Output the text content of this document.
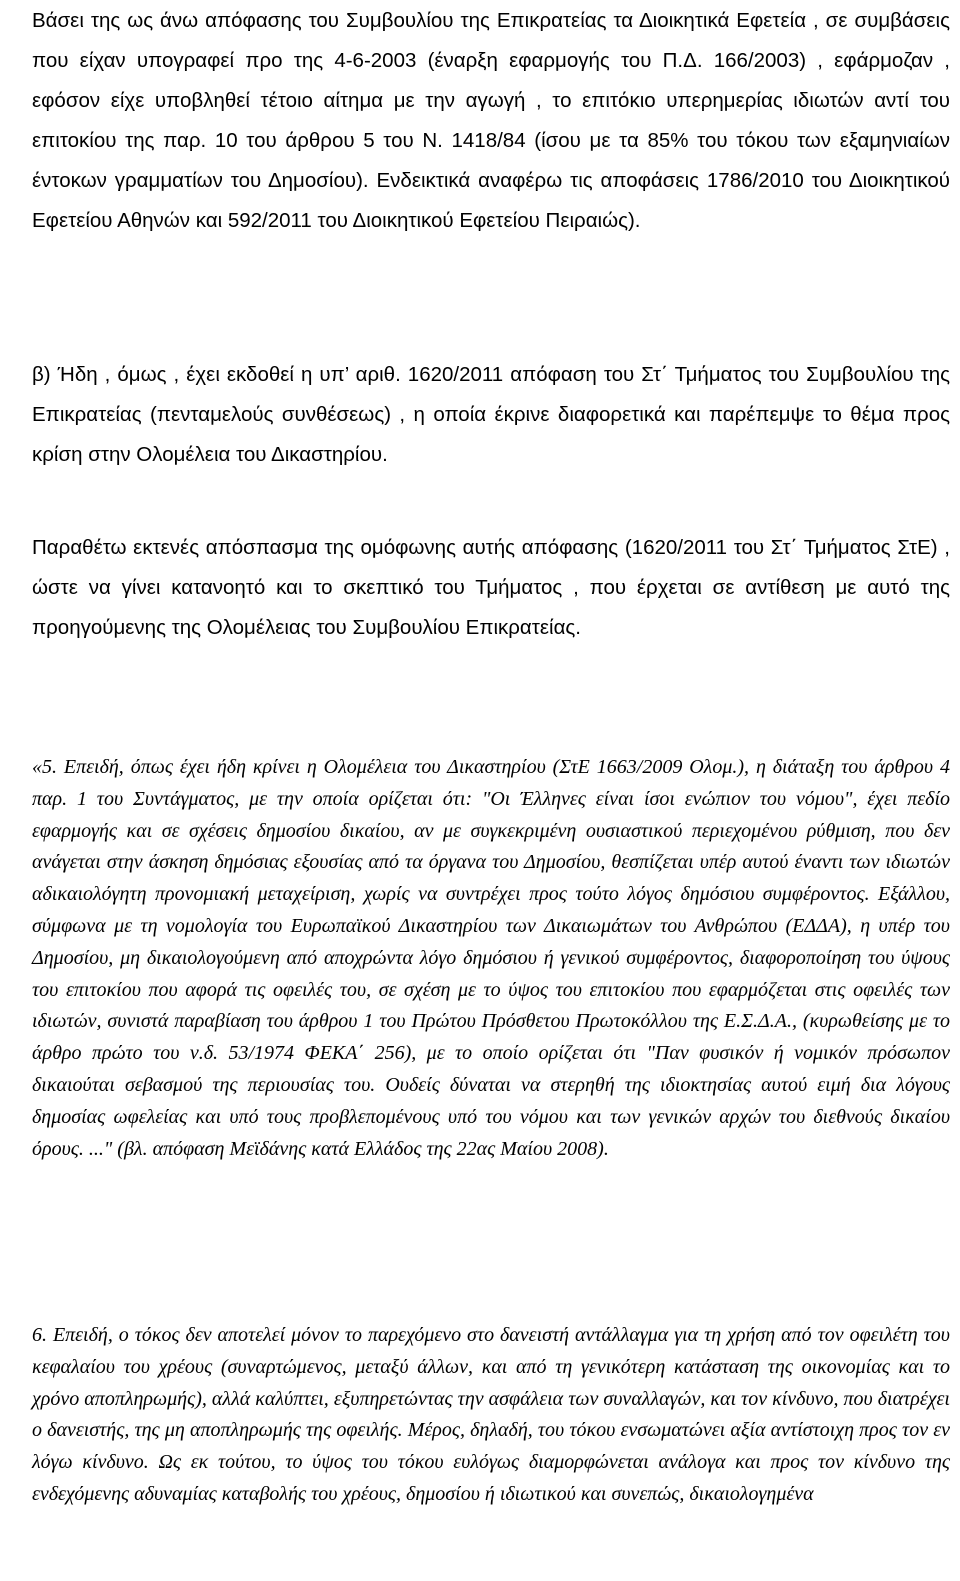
Βάσει της ως άνω απόφασης του Συμβουλίου της Επικρατείας τα Διοικητικά Εφετεία , σε συμβάσεις που είχαν υπογραφεί προ της 4-6-2003 (έναρξη εφαρμογής του Π.Δ. 166/2003) , εφάρμοζαν , εφόσον είχε υποβληθεί τέτοιο αίτημα με την αγωγή , το επιτόκιο υπερημερίας ιδιωτών αντί του επιτοκίου της παρ. 10 του άρθρου 5 του Ν. 1418/84 (ίσου με τα 85% του τόκου των εξαμηνιαίων έντοκων γραμματίων του Δημοσίου). Ενδεικτικά αναφέρω τις αποφάσεις 1786/2010 του Διοικητικού Εφετείου Αθηνών και 592/2011 του Διοικητικού Εφετείου Πειραιώς).

β) Ήδη , όμως , έχει εκδοθεί η υπ’ αριθ. 1620/2011 απόφαση του Στ΄ Τμήματος του Συμβουλίου της Επικρατείας (πενταμελούς συνθέσεως) , η οποία έκρινε διαφορετικά και παρέπεμψε το θέμα προς κρίση στην Ολομέλεια του Δικαστηρίου.

Παραθέτω εκτενές απόσπασμα της ομόφωνης αυτής απόφασης (1620/2011 του Στ΄ Τμήματος ΣτΕ) , ώστε να γίνει κατανοητό και το σκεπτικό του Τμήματος , που έρχεται σε αντίθεση με αυτό της προηγούμενης της Ολομέλειας του Συμβουλίου Επικρατείας.

«5. Επειδή, όπως έχει ήδη κρίνει η Ολομέλεια του Δικαστηρίου (ΣτΕ 1663/2009 Ολομ.), η διάταξη του άρθρου 4 παρ. 1 του Συντάγματος, με την οποία ορίζεται ότι: "Οι Έλληνες είναι ίσοι ενώπιον του νόμου", έχει πεδίο εφαρμογής και σε σχέσεις δημοσίου δικαίου, αν με συγκεκριμένη ουσιαστικού περιεχομένου ρύθμιση, που δεν ανάγεται στην άσκηση δημόσιας εξουσίας από τα όργανα του Δημοσίου, θεσπίζεται υπέρ αυτού έναντι των ιδιωτών αδικαιολόγητη προνομιακή μεταχείριση, χωρίς να συντρέχει προς τούτο λόγος δημόσιου συμφέροντος. Εξάλλου, σύμφωνα με τη νομολογία του Ευρωπαϊκού Δικαστηρίου των Δικαιωμάτων του Ανθρώπου (ΕΔΔΑ), η υπέρ του Δημοσίου, μη δικαιολογούμενη από αποχρώντα λόγο δημόσιου ή γενικού συμφέροντος, διαφοροποίηση του ύψους του επιτοκίου που αφορά τις οφειλές του, σε σχέση με το ύψος του επιτοκίου που εφαρμόζεται στις οφειλές των ιδιωτών, συνιστά παραβίαση του άρθρου 1 του Πρώτου Πρόσθετου Πρωτοκόλλου της Ε.Σ.Δ.Α., (κυρωθείσης με το άρθρο πρώτο του ν.δ. 53/1974 ΦΕΚΑ΄ 256), με το οποίο ορίζεται ότι "Παν φυσικόν ή νομικόν πρόσωπον δικαιούται σεβασμού της περιουσίας του. Ουδείς δύναται να στερηθή της ιδιοκτησίας αυτού ειμή δια λόγους δημοσίας ωφελείας και υπό τους προβλεπομένους υπό του νόμου και των γενικών αρχών του διεθνούς δικαίου όρους. ..." (βλ. απόφαση Μεϊδάνης κατά Ελλάδος της 22ας Μαίου 2008).

6. Επειδή, ο τόκος δεν αποτελεί μόνον το παρεχόμενο στο δανειστή αντάλλαγμα για τη χρήση από τον οφειλέτη του κεφαλαίου του χρέους (συναρτώμενος, μεταξύ άλλων, και από τη γενικότερη κατάσταση της οικονομίας και το χρόνο αποπληρωμής), αλλά καλύπτει, εξυπηρετώντας την ασφάλεια των συναλλαγών, και τον κίνδυνο, που διατρέχει ο δανειστής, της μη αποπληρωμής της οφειλής. Μέρος, δηλαδή, του τόκου ενσωματώνει αξία αντίστοιχη προς τον εν λόγω κίνδυνο. Ως εκ τούτου, το ύψος του τόκου ευλόγως διαμορφώνεται ανάλογα και προς τον κίνδυνο της ενδεχόμενης αδυναμίας καταβολής του χρέους, δημοσίου ή ιδιωτικού και συνεπώς, δικαιολογημένα
